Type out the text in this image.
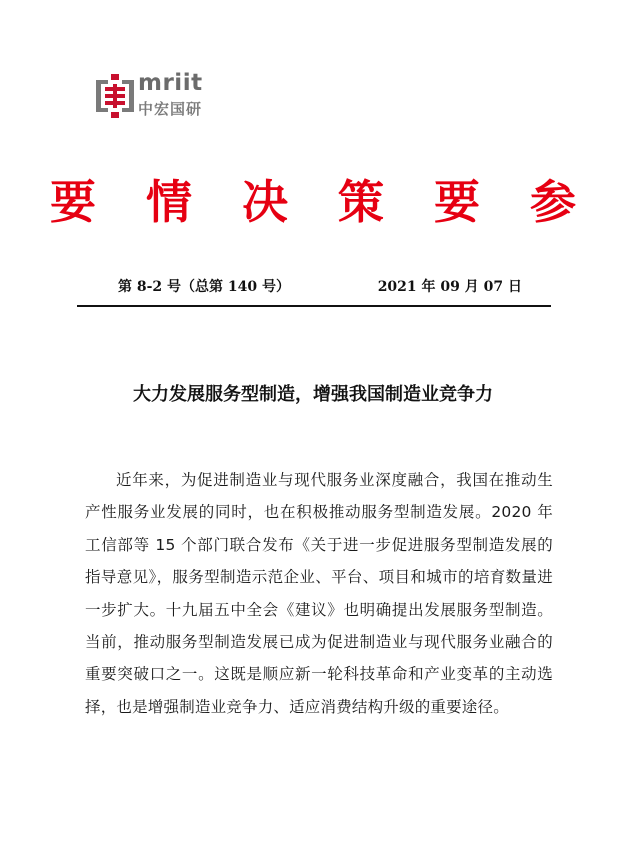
mriit
中宏国研
要 情 决 策 要 参
第 8-2 号（总第 140 号）	2021 年 09 月 07 日
大力发展服务型制造，增强我国制造业竞争力

近年来，为促进制造业与现代服务业深度融合，我国在推动生产性服务业发展的同时，也在积极推动服务型制造发展。2020 年工信部等 15 个部门联合发布《关于进一步促进服务型制造发展的指导意见》，服务型制造示范企业、平台、项目和城市的培育数量进一步扩大。十九届五中全会《建议》也明确提出发展服务型制造。当前，推动服务型制造发展已成为促进制造业与现代服务业融合的重要突破口之一。这既是顺应新一轮科技革命和产业变革的主动选择，也是增强制造业竞争力、适应消费结构升级的重要途径。
